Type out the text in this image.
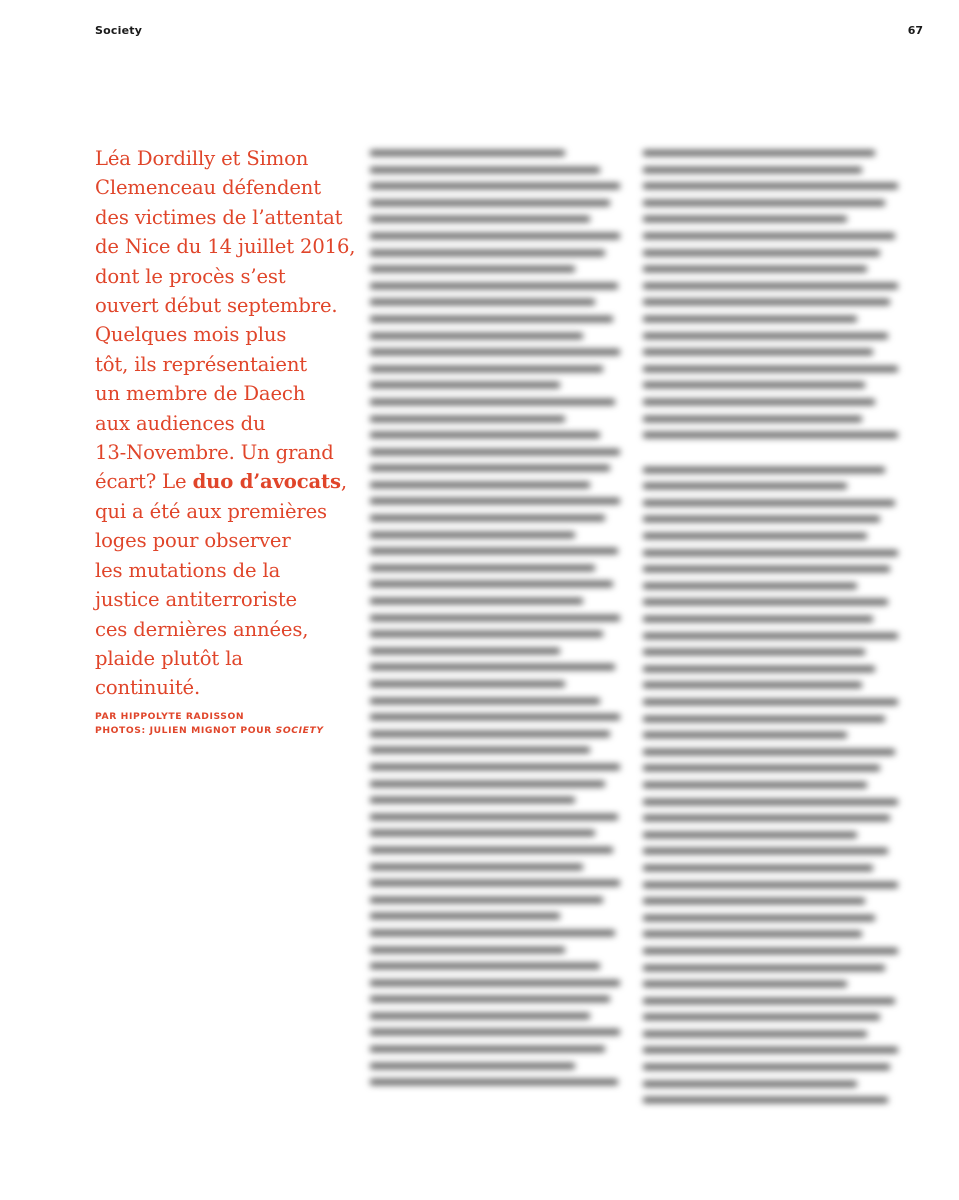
Society	67
Léa Dordilly et Simon
Clemenceau défendent
des victimes de l’attentat
de Nice du 14 juillet 2016,
dont le procès s’est
ouvert début septembre.
Quelques mois plus
tôt, ils représentaient
un membre de Daech
aux audiences du
13-Novembre. Un grand
écart? Le duo d’avocats,
qui a été aux premières
loges pour observer
les mutations de la
justice antiterroriste
ces dernières années,
plaide plutôt la
continuité.
PAR HIPPOLYTE RADISSON
PHOTOS: JULIEN MIGNOT POUR SOCIETY
